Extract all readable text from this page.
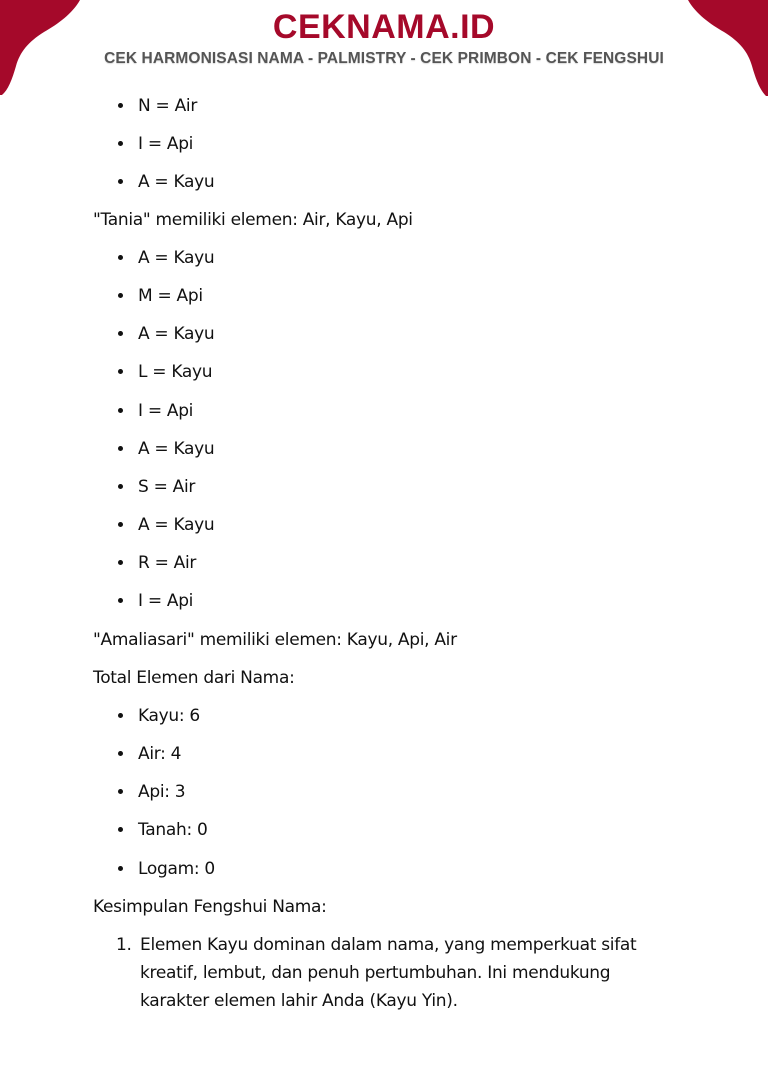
CEKNAMA.ID
CEK HARMONISASI NAMA - PALMISTRY - CEK PRIMBON - CEK FENGSHUI
N = Air
I = Api
A = Kayu
"Tania" memiliki elemen: Air, Kayu, Api
A = Kayu
M = Api
A = Kayu
L = Kayu
I = Api
A = Kayu
S = Air
A = Kayu
R = Air
I = Api
"Amaliasari" memiliki elemen: Kayu, Api, Air
Total Elemen dari Nama:
Kayu: 6
Air: 4
Api: 3
Tanah: 0
Logam: 0
Kesimpulan Fengshui Nama:
1. Elemen Kayu dominan dalam nama, yang memperkuat sifat kreatif, lembut, dan penuh pertumbuhan. Ini mendukung karakter elemen lahir Anda (Kayu Yin).
